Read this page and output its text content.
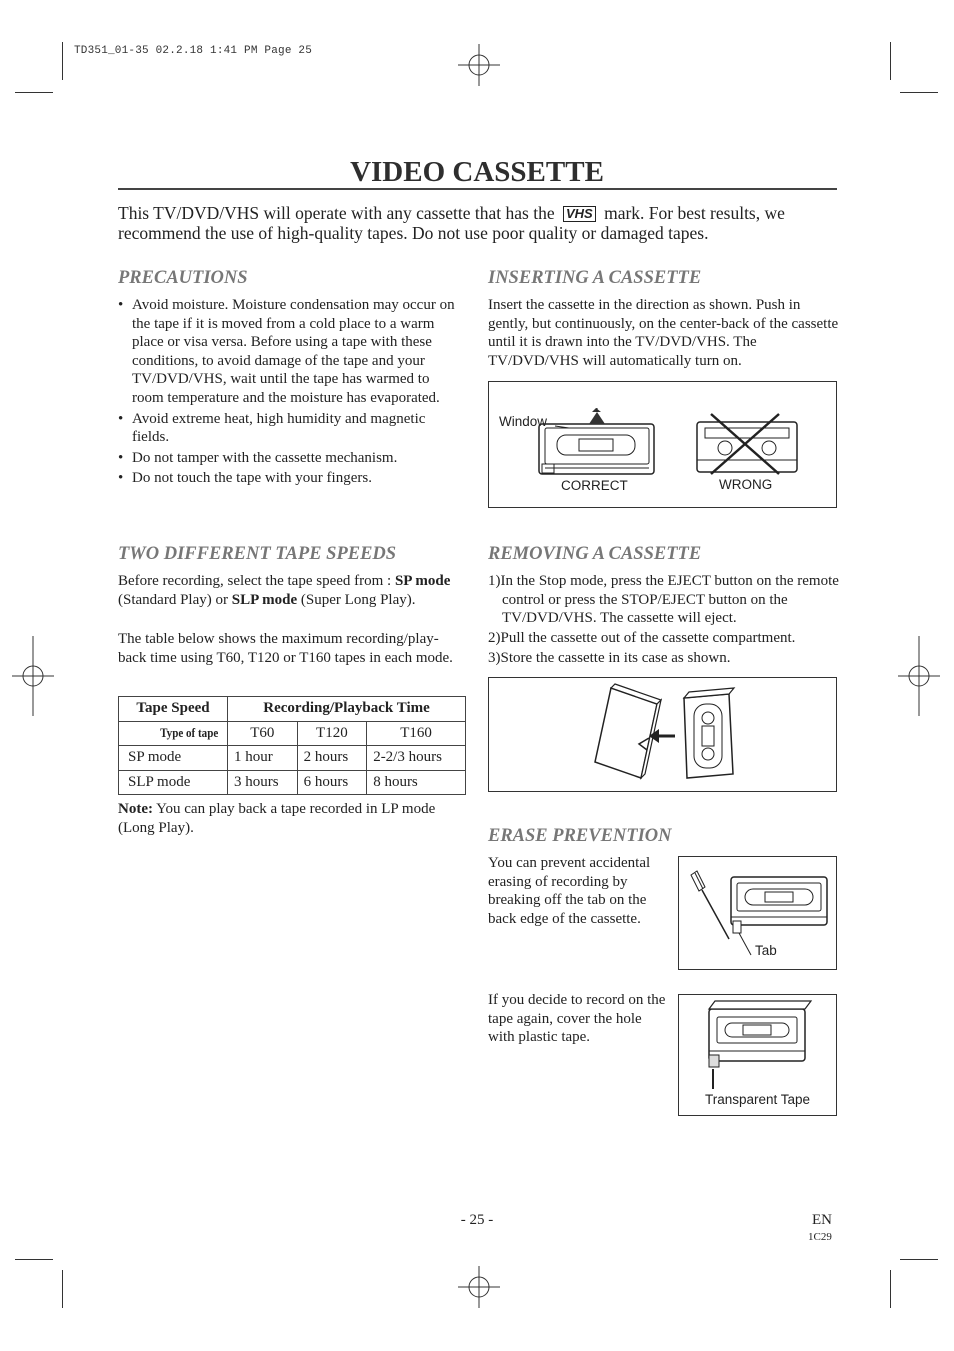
TD351_01-35 02.2.18 1:41 PM Page 25
VIDEO CASSETTE
This TV/DVD/VHS will operate with any cassette that has the VHS mark. For best results, we recommend the use of high-quality tapes. Do not use poor quality or damaged tapes.
PRECAUTIONS
• Avoid moisture. Moisture condensation may occur on the tape if it is moved from a cold place to a warm place or visa versa. Before using a tape with these conditions, to avoid damage of the tape and your TV/DVD/VHS, wait until the tape has warmed to room temperature and the moisture has evaporated.
• Avoid extreme heat, high humidity and magnetic fields.
• Do not tamper with the cassette mechanism.
• Do not touch the tape with your fingers.
INSERTING A CASSETTE
Insert the cassette in the direction as shown. Push in gently, but continuously, on the center-back of the cassette until it is drawn into the TV/DVD/VHS. The TV/DVD/VHS will automatically turn on.
Window
CORRECT	WRONG
TWO DIFFERENT TAPE SPEEDS
Before recording, select the tape speed from : SP mode (Standard Play) or SLP mode (Super Long Play).
The table below shows the maximum recording/play-back time using T60, T120 or T160 tapes in each mode.
Tape Speed	Recording/Playback Time		
Type of tape	T60	T120	T160
SP mode	1 hour	2 hours	2-2/3 hours
SLP mode	3 hours	6 hours	8 hours
Note: You can play back a tape recorded in LP mode (Long Play).
REMOVING A CASSETTE
1)In the Stop mode, press the EJECT button on the remote control or press the STOP/EJECT button on the TV/DVD/VHS. The cassette will eject.
2)Pull the cassette out of the cassette compartment.
3)Store the cassette in its case as shown.
ERASE PREVENTION
You can prevent accidental erasing of recording by breaking off the tab on the back edge of the cassette.
Tab
If you decide to record on the tape again, cover the hole with plastic tape.
Transparent Tape
- 25 -	EN
1C29
